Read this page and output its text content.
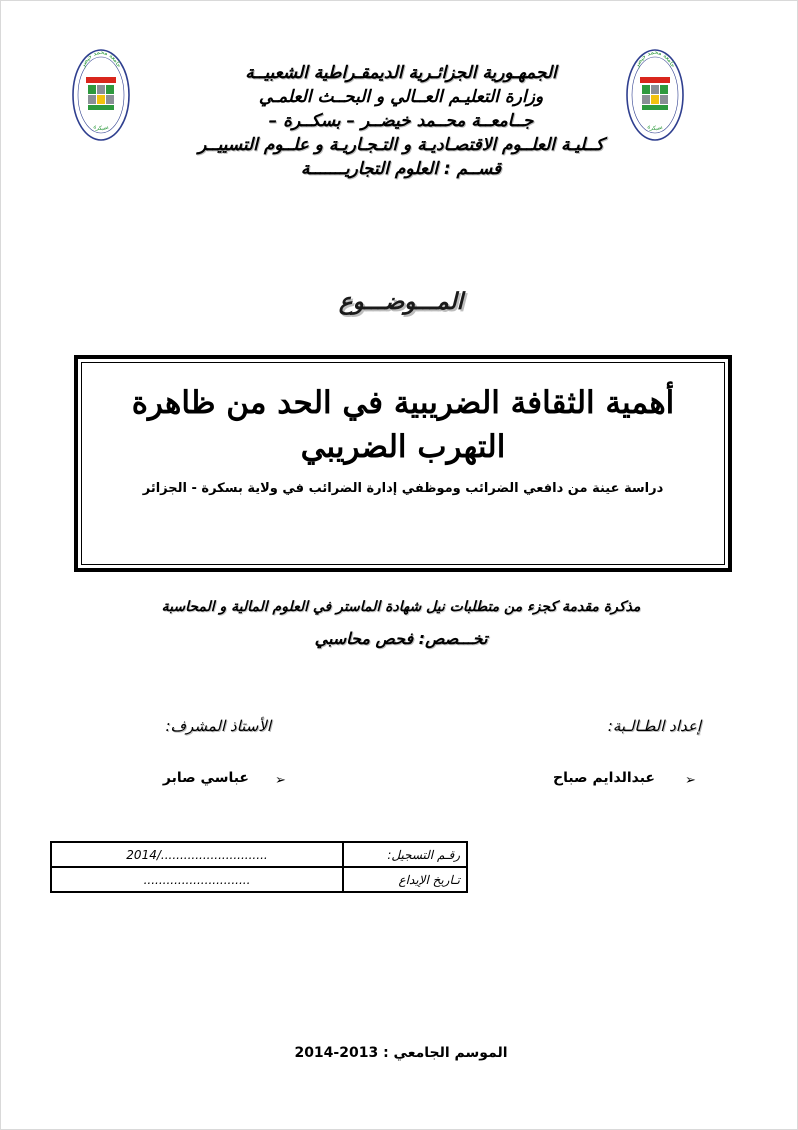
جامعة محمد خيضر
بسكرة
جامعة محمد خيضر
بسكرة
الجمهـورية الجزائـرية الديمقـراطية الشعبيــة
وزارة التعليـم العــالي و البحــث العلمـي
جــامعــة محــمد خيضــر – بسكــرة –
كــليـة العلــوم الاقتصـاديـة و التـجـاريـة و علــوم التسييــر
قســم : العلوم التجاريـــــــة
المـــوضـــوع
أهمية الثقافة الضريبية في الحد من ظاهرة التهرب الضريبي
دراسة عينة من دافعي الضرائب وموظفي إدارة الضرائب في ولاية بسكرة - الجزائر
مذكرة مقدمة كجزء من متطلبات نيل شهادة الماستر في العلوم المالية و المحاسبة
تخـــصص: فحص محاسبي
إعداد الطـالـبة:
الأستاذ المشرف:
➢
عبدالدايم صباح
➢
عباسي صابر
............................/2014	رقـم التسجيل:
............................	تـاريخ الإيداع
الموسم الجامعي : 2013-2014
